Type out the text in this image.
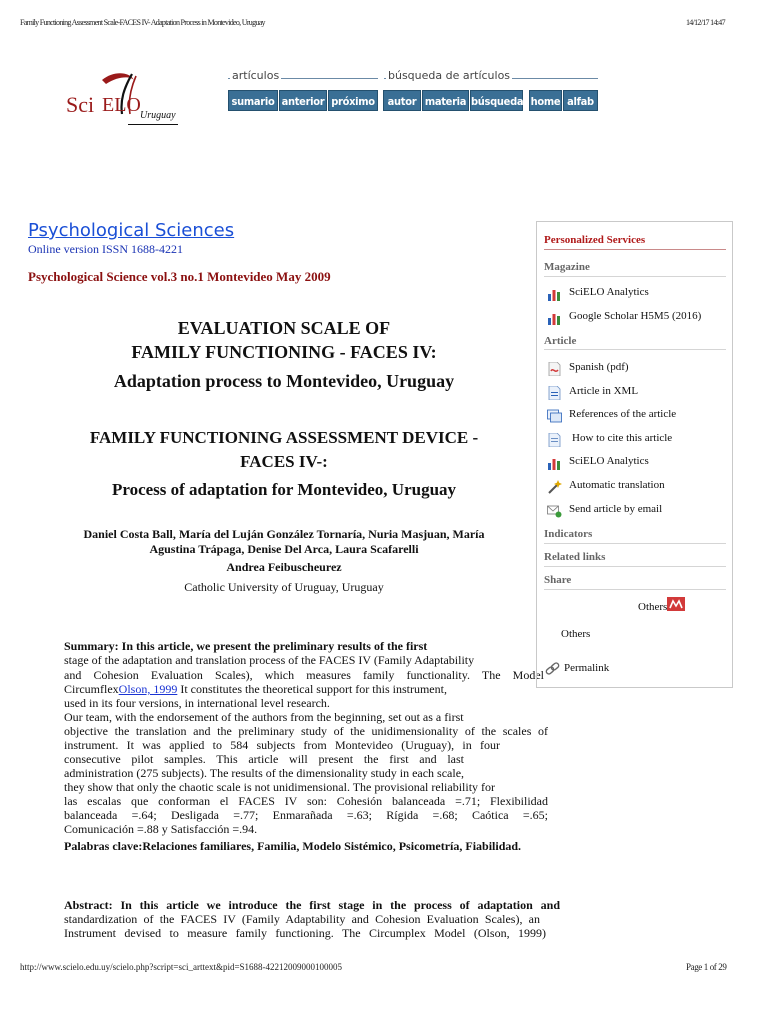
Family Functioning Assessment Scale-FACES IV- Adaptation Process in Montevideo, Uruguay	14/12/17 14:47
Sci ELO Uruguay
artículos	búsqueda de artículos
sumario anterior próximo	autor materia búsqueda home alfab
Psychological Sciences
Online version ISSN 1688-4221
Psychological Science vol.3 no.1 Montevideo May 2009
EVALUATION SCALE OF
FAMILY FUNCTIONING - FACES IV:
Adaptation process to Montevideo, Uruguay
FAMILY FUNCTIONING ASSESSMENT DEVICE -
FACES IV-:
Process of adaptation for Montevideo, Uruguay
Daniel Costa Ball, María del Luján González Tornaría, Nuria Masjuan, María
Agustina Trápaga, Denise Del Arca, Laura Scafarelli
Andrea Feibuscheurez
Catholic University of Uruguay, Uruguay
Summary: In this article, we present the preliminary results of the first
stage of the adaptation and translation process of the FACES IV (Family Adaptability
and Cohesion Evaluation Scales), which measures family functionality. The Model
CircumflexOlson, 1999 It constitutes the theoretical support for this instrument,
used in its four versions, in international level research.
Our team, with the endorsement of the authors from the beginning, set out as a first
objective the translation and the preliminary study of the unidimensionality of the scales of
instrument. It was applied to 584 subjects from Montevideo (Uruguay), in four
consecutive pilot samples. This article will present the first and last
administration (275 subjects). The results of the dimensionality study in each scale,
they show that only the chaotic scale is not unidimensional. The provisional reliability for
las escalas que conforman el FACES IV son: Cohesión balanceada =.71; Flexibilidad
balanceada =.64; Desligada =.77; Enmarañada =.63; Rígida =.68; Caótica =.65;
Comunicación =.88 y Satisfacción =.94.
Palabras clave:Relaciones familiares, Familia, Modelo Sistémico, Psicometría, Fiabilidad.
Abstract: In this article we introduce the first stage in the process of adaptation and
standardization of the FACES IV (Family Adaptability and Cohesion Evaluation Scales), an
Instrument devised to measure family functioning. The Circumplex Model (Olson, 1999)
Personalized Services
Magazine
SciELO Analytics
Google Scholar H5M5 (2016)
Article
Spanish (pdf)
Article in XML
References of the article
How to cite this article
SciELO Analytics
Automatic translation
Send article by email
Indicators
Related links
Share
Others
Others
Permalink
http://www.scielo.edu.uy/scielo.php?script=sci_arttext&pid=S1688-42212009000100005	Page 1 of 29
